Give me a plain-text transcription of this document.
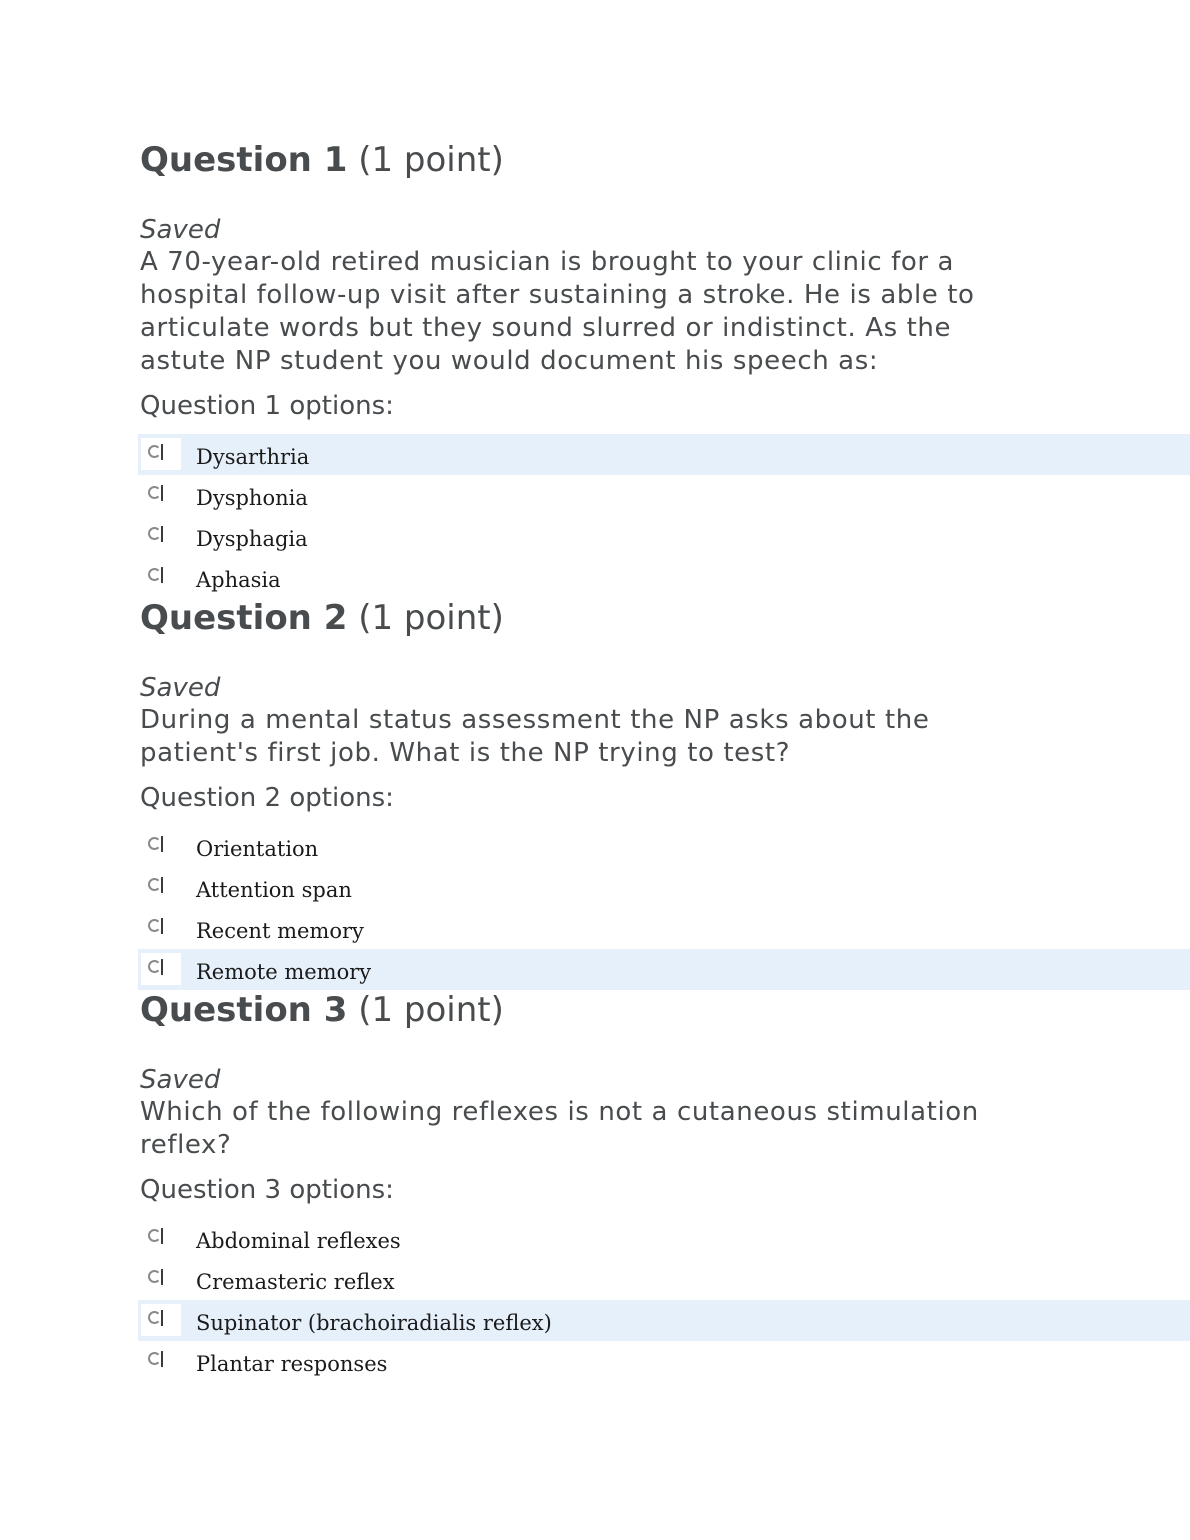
Question 1 (1 point)
Saved
A 70-year-old retired musician is brought to your clinic for a hospital follow-up visit after sustaining a stroke. He is able to articulate words but they sound slurred or indistinct. As the astute NP student you would document his speech as:
Question 1 options:
Dysarthria
Dysphonia
Dysphagia
Aphasia
Question 2 (1 point)
Saved
During a mental status assessment the NP asks about the patient's first job. What is the NP trying to test?
Question 2 options:
Orientation
Attention span
Recent memory
Remote memory
Question 3 (1 point)
Saved
Which of the following reflexes is not a cutaneous stimulation reflex?
Question 3 options:
Abdominal reflexes
Cremasteric reflex
Supinator (brachoiradialis reflex)
Plantar responses
